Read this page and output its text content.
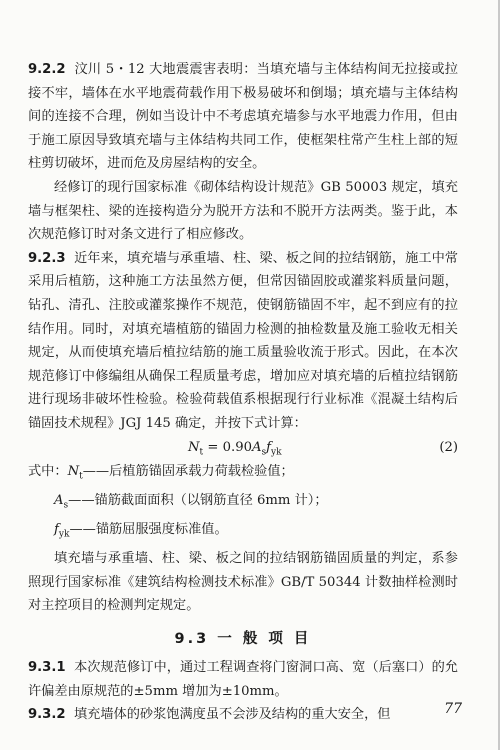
9.2.2 汶川 5・12 大地震震害表明：当填充墙与主体结构间无拉接或拉接不牢，墙体在水平地震荷载作用下极易破坏和倒塌；填充墙与主体结构间的连接不合理，例如当设计中不考虑填充墙参与水平地震力作用，但由于施工原因导致填充墙与主体结构共同工作，使框架柱常产生柱上部的短柱剪切破坏，进而危及房屋结构的安全。

经修订的现行国家标准《砌体结构设计规范》GB 50003 规定，填充墙与框架柱、梁的连接构造分为脱开方法和不脱开方法两类。鉴于此，本次规范修订时对条文进行了相应修改。

9.2.3 近年来，填充墙与承重墙、柱、梁、板之间的拉结钢筋，施工中常采用后植筋，这种施工方法虽然方便，但常因锚固胶或灌浆料质量问题，钻孔、清孔、注胶或灌浆操作不规范，使钢筋锚固不牢，起不到应有的拉结作用。同时，对填充墙植筋的锚固力检测的抽检数量及施工验收无相关规定，从而使填充墙后植拉结筋的施工质量验收流于形式。因此，在本次规范修订中修编组从确保工程质量考虑，增加应对填充墙的后植拉结钢筋进行现场非破坏性检验。检验荷载值系根据现行行业标准《混凝土结构后锚固技术规程》JGJ 145 确定，并按下式计算：

$N_t = 0.90A_sf_{yk}$	(2)
式中：$N_t——$后植筋锚固承载力荷载检验值；
$A_s——$锚筋截面面积（以钢筋直径 6mm 计）；
$f_{yk}——$锚筋屈服强度标准值。

填充墙与承重墙、柱、梁、板之间的拉结钢筋锚固质量的判定，系参照现行国家标准《建筑结构检测技术标准》GB/T 50344 计数抽样检测时对主控项目的检测判定规定。

9.3 一 般 项 目

9.3.1 本次规范修订中，通过工程调查将门窗洞口高、宽（后塞口）的允许偏差由原规范的±5mm 增加为±10mm。

9.3.2 填充墙体的砂浆饱满度虽不会涉及结构的重大安全，但	77
